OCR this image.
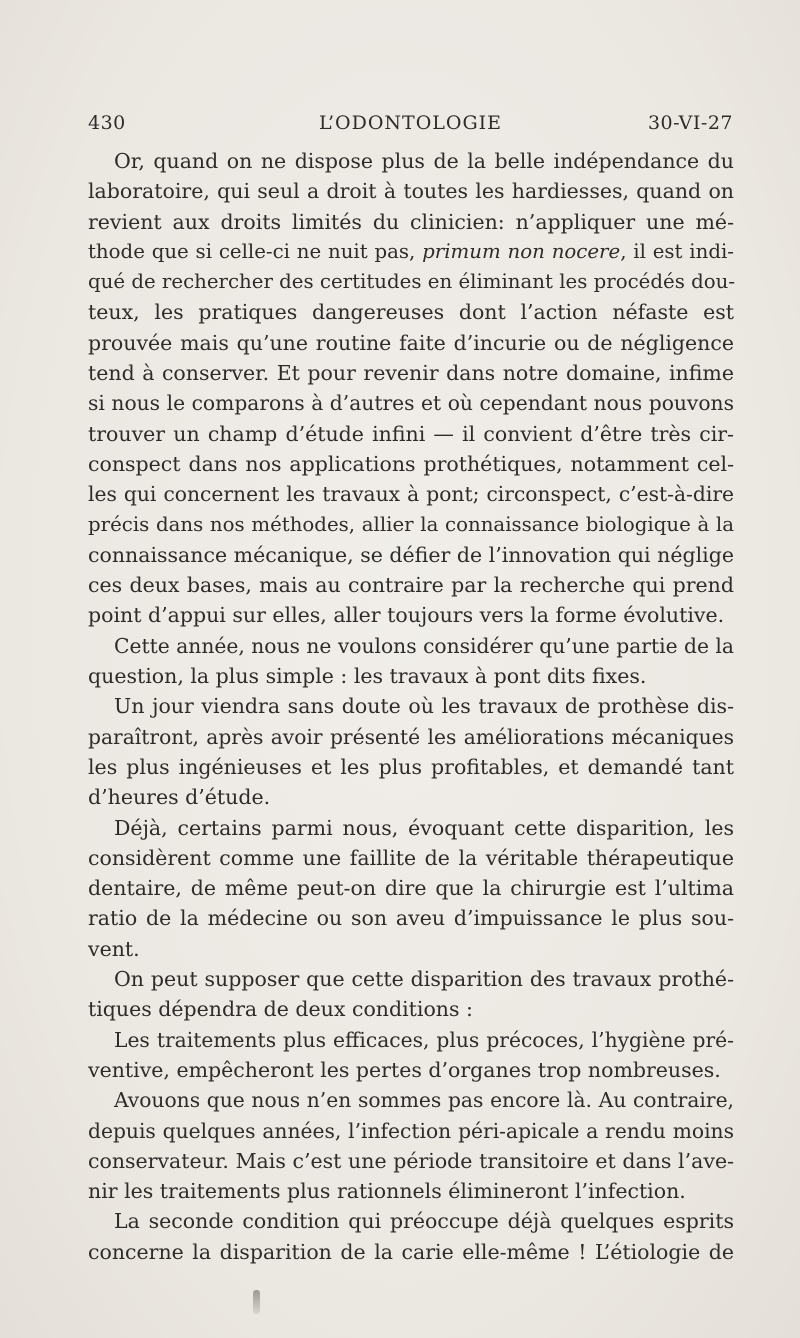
430	L’ODONTOLOGIE	30-VI-27
Or, quand on ne dispose plus de la belle indépendance du
laboratoire, qui seul a droit à toutes les hardiesses, quand on
revient aux droits limités du clinicien: n’appliquer une mé-
thode que si celle-ci ne nuit pas, primum non nocere, il est indi-
qué de rechercher des certitudes en éliminant les procédés dou-
teux, les pratiques dangereuses dont l’action néfaste est
prouvée mais qu’une routine faite d’incurie ou de négligence
tend à conserver. Et pour revenir dans notre domaine, infime
si nous le comparons à d’autres et où cependant nous pouvons
trouver un champ d’étude infini — il convient d’être très cir-
conspect dans nos applications prothétiques, notamment cel-
les qui concernent les travaux à pont; circonspect, c’est-à-dire
précis dans nos méthodes, allier la connaissance biologique à la
connaissance mécanique, se défier de l’innovation qui néglige
ces deux bases, mais au contraire par la recherche qui prend
point d’appui sur elles, aller toujours vers la forme évolutive.
Cette année, nous ne voulons considérer qu’une partie de la
question, la plus simple : les travaux à pont dits fixes.
Un jour viendra sans doute où les travaux de prothèse dis-
paraîtront, après avoir présenté les améliorations mécaniques
les plus ingénieuses et les plus profitables, et demandé tant
d’heures d’étude.
Déjà, certains parmi nous, évoquant cette disparition, les
considèrent comme une faillite de la véritable thérapeutique
dentaire, de même peut-on dire que la chirurgie est l’ultima
ratio de la médecine ou son aveu d’impuissance le plus sou-
vent.
On peut supposer que cette disparition des travaux prothé-
tiques dépendra de deux conditions :
Les traitements plus efficaces, plus précoces, l’hygiène pré-
ventive, empêcheront les pertes d’organes trop nombreuses.
Avouons que nous n’en sommes pas encore là. Au contraire,
depuis quelques années, l’infection péri-apicale a rendu moins
conservateur. Mais c’est une période transitoire et dans l’ave-
nir les traitements plus rationnels élimineront l’infection.
La seconde condition qui préoccupe déjà quelques esprits
concerne la disparition de la carie elle-même ! L’étiologie de
